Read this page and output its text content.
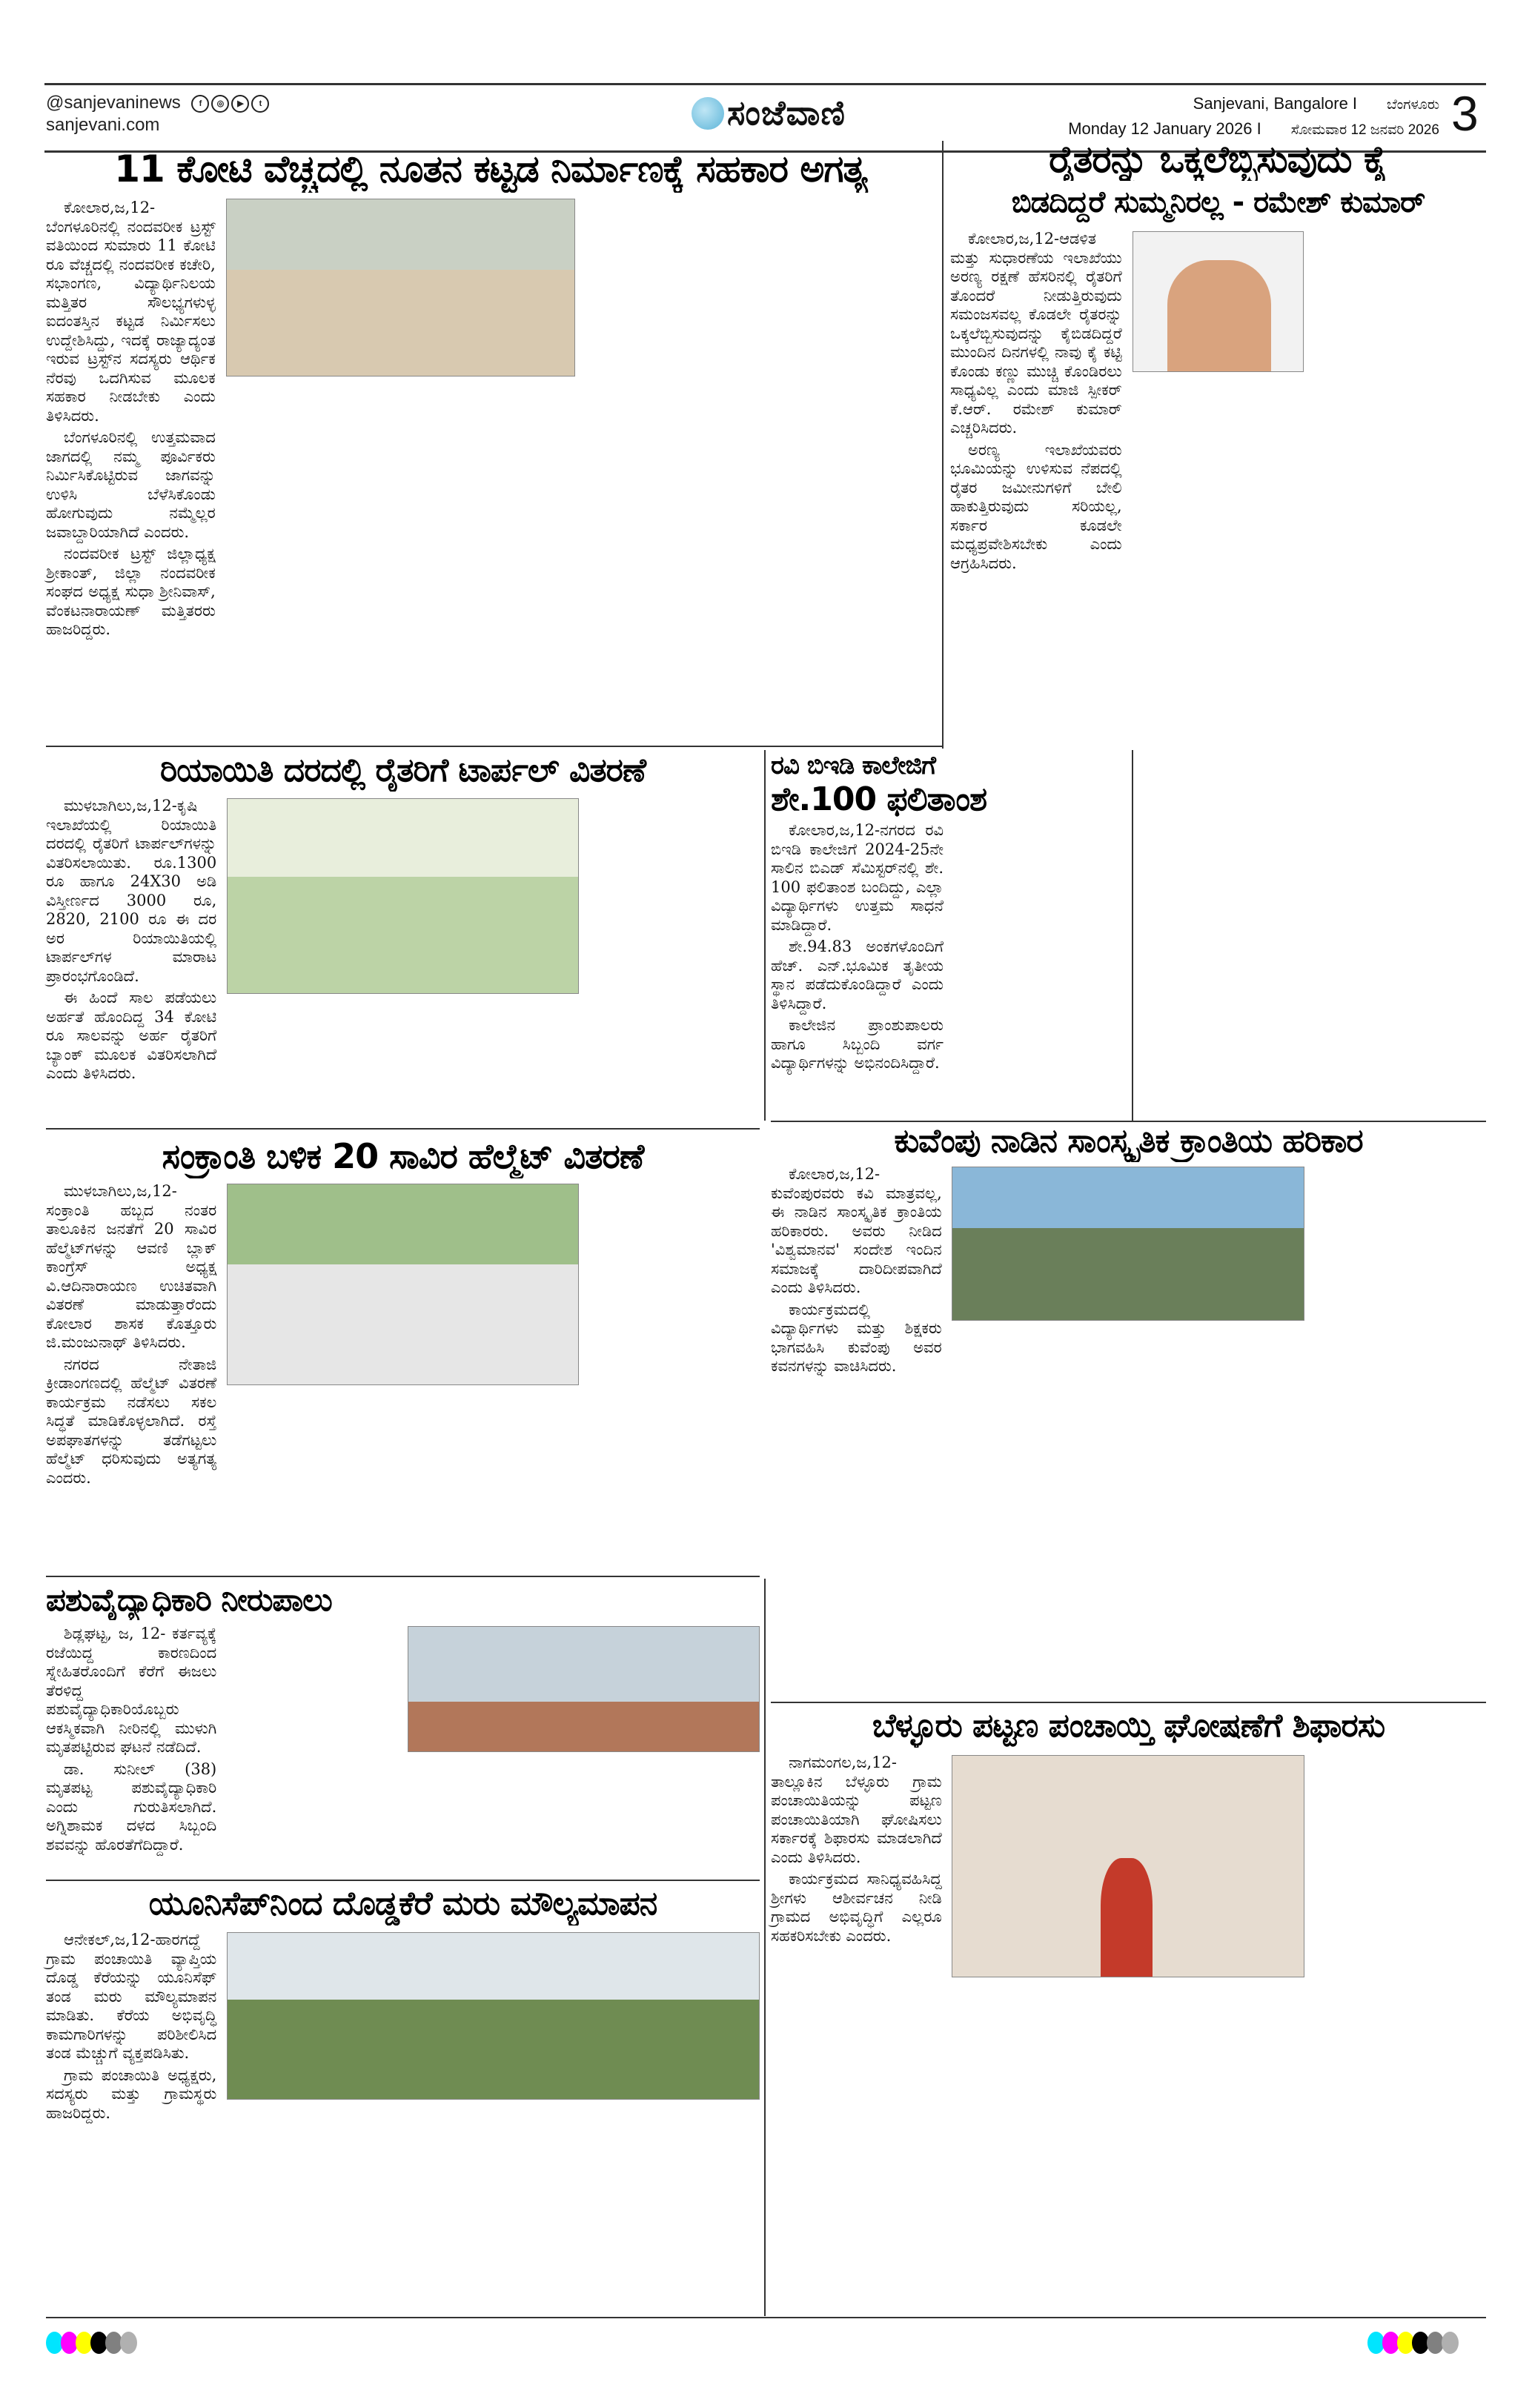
@sanjevaninews	f	◎	▶	t
sanjevani.com	ಸಂಜೆವಾಣಿ	Sanjevani, Bangalore I ಬೆಂಗಳೂರು
Monday 12 January 2026 I ಸೋಮವಾರ 12 ಜನವರಿ 2026 3
11 ಕೋಟಿ ವೆಚ್ಚದಲ್ಲಿ ನೂತನ ಕಟ್ಟಡ ನಿರ್ಮಾಣಕ್ಕೆ ಸಹಕಾರ ಅಗತ್ಯ

ಕೋಲಾರ,ಜ,12-ಬೆಂಗಳೂರಿನಲ್ಲಿ ನಂದವರೀಕ ಟ್ರಸ್ಟ್ ವತಿಯಿಂದ ಸುಮಾರು 11 ಕೋಟಿ ರೂ ವೆಚ್ಚದಲ್ಲಿ ನಂದವರೀಕ ಕಚೇರಿ, ಸಭಾಂಗಣ, ವಿದ್ಯಾರ್ಥಿನಿಲಯ ಮತ್ತಿತರ ಸೌಲಭ್ಯಗಳುಳ್ಳ ಐದಂತಸ್ತಿನ ಕಟ್ಟಡ ನಿರ್ಮಿಸಲು ಉದ್ದೇಶಿಸಿದ್ದು, ಇದಕ್ಕೆ ರಾಜ್ಯಾದ್ಯಂತ ಇರುವ ಟ್ರಸ್ಟ್‌ನ ಸದಸ್ಯರು ಆರ್ಥಿಕ ನೆರವು ಒದಗಿಸುವ ಮೂಲಕ ಸಹಕಾರ ನೀಡಬೇಕು ಎಂದು ತಿಳಿಸಿದರು.

ಬೆಂಗಳೂರಿನಲ್ಲಿ ಉತ್ತಮವಾದ ಜಾಗದಲ್ಲಿ ನಮ್ಮ ಪೂರ್ವಿಕರು ನಿರ್ಮಿಸಿಕೊಟ್ಟಿರುವ ಜಾಗವನ್ನು ಉಳಿಸಿ ಬೆಳೆಸಿಕೊಂಡು ಹೋಗುವುದು ನಮ್ಮೆಲ್ಲರ ಜವಾಬ್ದಾರಿಯಾಗಿದೆ ಎಂದರು.

ನಂದವರೀಕ ಟ್ರಸ್ಟ್ ಜಿಲ್ಲಾಧ್ಯಕ್ಷ ಶ್ರೀಕಾಂತ್, ಜಿಲ್ಲಾ ನಂದವರೀಕ ಸಂಘದ ಅಧ್ಯಕ್ಷ ಸುಧಾ ಶ್ರೀನಿವಾಸ್, ವೆಂಕಟನಾರಾಯಣ್ ಮತ್ತಿತರರು ಹಾಜರಿದ್ದರು.

ರೈತರನ್ನು ಒಕ್ಕಲೆಬ್ಬಿಸುವುದು ಕೈ
ಬಿಡದಿದ್ದರೆ ಸುಮ್ಮನಿರಲ್ಲ - ರಮೇಶ್ ಕುಮಾರ್

ಕೋಲಾರ,ಜ,12-ಆಡಳಿತ ಮತ್ತು ಸುಧಾರಣೆಯ ಇಲಾಖೆಯು ಅರಣ್ಯ ರಕ್ಷಣೆ ಹೆಸರಿನಲ್ಲಿ ರೈತರಿಗೆ ತೊಂದರೆ ನೀಡುತ್ತಿರುವುದು ಸಮಂಜಸವಲ್ಲ ಕೊಡಲೇ ರೈತರನ್ನು ಒಕ್ಕಲೆಬ್ಬಿಸುವುದನ್ನು ಕೈಬಿಡದಿದ್ದರೆ ಮುಂದಿನ ದಿನಗಳಲ್ಲಿ ನಾವು ಕೈ ಕಟ್ಟಿ ಕೊಂಡು ಕಣ್ಣು ಮುಚ್ಚಿ ಕೊಂಡಿರಲು ಸಾಧ್ಯವಿಲ್ಲ ಎಂದು ಮಾಜಿ ಸ್ಪೀಕರ್ ಕೆ.ಆರ್. ರಮೇಶ್ ಕುಮಾರ್ ಎಚ್ಚರಿಸಿದರು.

ಅರಣ್ಯ ಇಲಾಖೆಯವರು ಭೂಮಿಯನ್ನು ಉಳಿಸುವ ನೆಪದಲ್ಲಿ ರೈತರ ಜಮೀನುಗಳಿಗೆ ಬೇಲಿ ಹಾಕುತ್ತಿರುವುದು ಸರಿಯಲ್ಲ, ಸರ್ಕಾರ ಕೂಡಲೇ ಮಧ್ಯಪ್ರವೇಶಿಸಬೇಕು ಎಂದು ಆಗ್ರಹಿಸಿದರು.

ರಿಯಾಯಿತಿ ದರದಲ್ಲಿ ರೈತರಿಗೆ ಟಾರ್ಪಲ್ ವಿತರಣೆ

ಮುಳಬಾಗಿಲು,ಜ,12-ಕೃಷಿ ಇಲಾಖೆಯಲ್ಲಿ ರಿಯಾಯಿತಿ ದರದಲ್ಲಿ ರೈತರಿಗೆ ಟಾರ್ಪಲ್‌ಗಳನ್ನು ವಿತರಿಸಲಾಯಿತು. ರೂ.1300 ರೂ ಹಾಗೂ 24X30 ಅಡಿ ವಿಸ್ತೀರ್ಣದ 3000 ರೂ, 2820, 2100 ರೂ ಈ ದರ ಅರ ರಿಯಾಯಿತಿಯಲ್ಲಿ ಟಾರ್ಪಲ್‌ಗಳ ಮಾರಾಟ ಪ್ರಾರಂಭಗೊಂಡಿದೆ.

ಈ ಹಿಂದೆ ಸಾಲ ಪಡೆಯಲು ಅರ್ಹತೆ ಹೊಂದಿದ್ದ 34 ಕೋಟಿ ರೂ ಸಾಲವನ್ನು ಅರ್ಹ ರೈತರಿಗೆ ಬ್ಯಾಂಕ್ ಮೂಲಕ ವಿತರಿಸಲಾಗಿದೆ ಎಂದು ತಿಳಿಸಿದರು.

ರವಿ ಬಿಇಡಿ ಕಾಲೇಜಿಗೆ
ಶೇ.100 ಫಲಿತಾಂಶ

ಕೋಲಾರ,ಜ,12-ನಗರದ ರವಿ ಬಿಇಡಿ ಕಾಲೇಜಿಗೆ 2024-25ನೇ ಸಾಲಿನ ಬಿಎಡ್ ಸೆಮಿಸ್ಟರ್‌ನಲ್ಲಿ ಶೇ. 100 ಫಲಿತಾಂಶ ಬಂದಿದ್ದು, ಎಲ್ಲಾ ವಿದ್ಯಾರ್ಥಿಗಳು ಉತ್ತಮ ಸಾಧನೆ ಮಾಡಿದ್ದಾರೆ.

ಶೇ.94.83 ಅಂಕಗಳೊಂದಿಗೆ ಹೆಚ್. ಎನ್.ಭೂಮಿಕ ತೃತೀಯ ಸ್ಥಾನ ಪಡೆದುಕೊಂಡಿದ್ದಾರೆ ಎಂದು ತಿಳಿಸಿದ್ದಾರೆ.

ಕಾಲೇಜಿನ ಪ್ರಾಂಶುಪಾಲರು ಹಾಗೂ ಸಿಬ್ಬಂದಿ ವರ್ಗ ವಿದ್ಯಾರ್ಥಿಗಳನ್ನು ಅಭಿನಂದಿಸಿದ್ದಾರೆ.

ಸಂಕ್ರಾಂತಿ ಬಳಿಕ 20 ಸಾವಿರ ಹೆಲ್ಮೆಟ್ ವಿತರಣೆ

ಮುಳಬಾಗಿಲು,ಜ,12-ಸಂಕ್ರಾಂತಿ ಹಬ್ಬದ ನಂತರ ತಾಲೂಕಿನ ಜನತೆಗೆ 20 ಸಾವಿರ ಹೆಲ್ಮೆಟ್‌ಗಳನ್ನು ಆವಣಿ ಬ್ಲಾಕ್ ಕಾಂಗ್ರೆಸ್ ಅಧ್ಯಕ್ಷ ವಿ.ಆದಿನಾರಾಯಣ ಉಚಿತವಾಗಿ ವಿತರಣೆ ಮಾಡುತ್ತಾರೆಂದು ಕೋಲಾರ ಶಾಸಕ ಕೊತ್ತೂರು ಜಿ.ಮಂಜುನಾಥ್ ತಿಳಿಸಿದರು.

ನಗರದ ನೇತಾಜಿ ಕ್ರೀಡಾಂಗಣದಲ್ಲಿ ಹೆಲ್ಮೆಟ್ ವಿತರಣೆ ಕಾರ್ಯಕ್ರಮ ನಡೆಸಲು ಸಕಲ ಸಿದ್ಧತೆ ಮಾಡಿಕೊಳ್ಳಲಾಗಿದೆ. ರಸ್ತೆ ಅಪಘಾತಗಳನ್ನು ತಡೆಗಟ್ಟಲು ಹೆಲ್ಮೆಟ್ ಧರಿಸುವುದು ಅತ್ಯಗತ್ಯ ಎಂದರು.

ಕುವೆಂಪು ನಾಡಿನ ಸಾಂಸ್ಕೃತಿಕ ಕ್ರಾಂತಿಯ ಹರಿಕಾರ

ಕೋಲಾರ,ಜ,12-ಕುವೆಂಪುರವರು ಕವಿ ಮಾತ್ರವಲ್ಲ, ಈ ನಾಡಿನ ಸಾಂಸ್ಕೃತಿಕ ಕ್ರಾಂತಿಯ ಹರಿಕಾರರು. ಅವರು ನೀಡಿದ 'ವಿಶ್ವಮಾನವ' ಸಂದೇಶ ಇಂದಿನ ಸಮಾಜಕ್ಕೆ ದಾರಿದೀಪವಾಗಿದೆ ಎಂದು ತಿಳಿಸಿದರು.

ಕಾರ್ಯಕ್ರಮದಲ್ಲಿ ವಿದ್ಯಾರ್ಥಿಗಳು ಮತ್ತು ಶಿಕ್ಷಕರು ಭಾಗವಹಿಸಿ ಕುವೆಂಪು ಅವರ ಕವನಗಳನ್ನು ವಾಚಿಸಿದರು.

ಪಶುವೈದ್ಯಾಧಿಕಾರಿ ನೀರುಪಾಲು

ಶಿಡ್ಲಘಟ್ಟ, ಜ, 12- ಕರ್ತವ್ಯಕ್ಕೆ ರಜೆಯಿದ್ದ ಕಾರಣದಿಂದ ಸ್ನೇಹಿತರೊಂದಿಗೆ ಕೆರೆಗೆ ಈಜಲು ತೆರಳಿದ್ದ ಪಶುವೈದ್ಯಾಧಿಕಾರಿಯೊಬ್ಬರು ಆಕಸ್ಮಿಕವಾಗಿ ನೀರಿನಲ್ಲಿ ಮುಳುಗಿ ಮೃತಪಟ್ಟಿರುವ ಘಟನೆ ನಡೆದಿದೆ.

ಡಾ. ಸುನೀಲ್ (38) ಮೃತಪಟ್ಟ ಪಶುವೈದ್ಯಾಧಿಕಾರಿ ಎಂದು ಗುರುತಿಸಲಾಗಿದೆ. ಅಗ್ನಿಶಾಮಕ ದಳದ ಸಿಬ್ಬಂದಿ ಶವವನ್ನು ಹೊರತೆಗೆದಿದ್ದಾರೆ.

ಯೂನಿಸೆಪ್‌ನಿಂದ ದೊಡ್ಡಕೆರೆ ಮರು ಮೌಲ್ಯಮಾಪನ

ಆನೇಕಲ್,ಜ,12-ಹಾರಗದ್ದೆ ಗ್ರಾಮ ಪಂಚಾಯಿತಿ ವ್ಯಾಪ್ತಿಯ ದೊಡ್ಡ ಕೆರೆಯನ್ನು ಯೂನಿಸೆಫ್ ತಂಡ ಮರು ಮೌಲ್ಯಮಾಪನ ಮಾಡಿತು. ಕೆರೆಯ ಅಭಿವೃದ್ಧಿ ಕಾಮಗಾರಿಗಳನ್ನು ಪರಿಶೀಲಿಸಿದ ತಂಡ ಮೆಚ್ಚುಗೆ ವ್ಯಕ್ತಪಡಿಸಿತು.

ಗ್ರಾಮ ಪಂಚಾಯಿತಿ ಅಧ್ಯಕ್ಷರು, ಸದಸ್ಯರು ಮತ್ತು ಗ್ರಾಮಸ್ಥರು ಹಾಜರಿದ್ದರು.

ಬೆಳ್ಳೂರು ಪಟ್ಟಣ ಪಂಚಾಯ್ತಿ ಘೋಷಣೆಗೆ ಶಿಫಾರಸು

ನಾಗಮಂಗಲ,ಜ,12- ತಾಲ್ಲೂಕಿನ ಬೆಳ್ಳೂರು ಗ್ರಾಮ ಪಂಚಾಯಿತಿಯನ್ನು ಪಟ್ಟಣ ಪಂಚಾಯಿತಿಯಾಗಿ ಘೋಷಿಸಲು ಸರ್ಕಾರಕ್ಕೆ ಶಿಫಾರಸು ಮಾಡಲಾಗಿದೆ ಎಂದು ತಿಳಿಸಿದರು.

ಕಾರ್ಯಕ್ರಮದ ಸಾನಿಧ್ಯವಹಿಸಿದ್ದ ಶ್ರೀಗಳು ಆಶೀರ್ವಚನ ನೀಡಿ ಗ್ರಾಮದ ಅಭಿವೃದ್ಧಿಗೆ ಎಲ್ಲರೂ ಸಹಕರಿಸಬೇಕು ಎಂದರು.
